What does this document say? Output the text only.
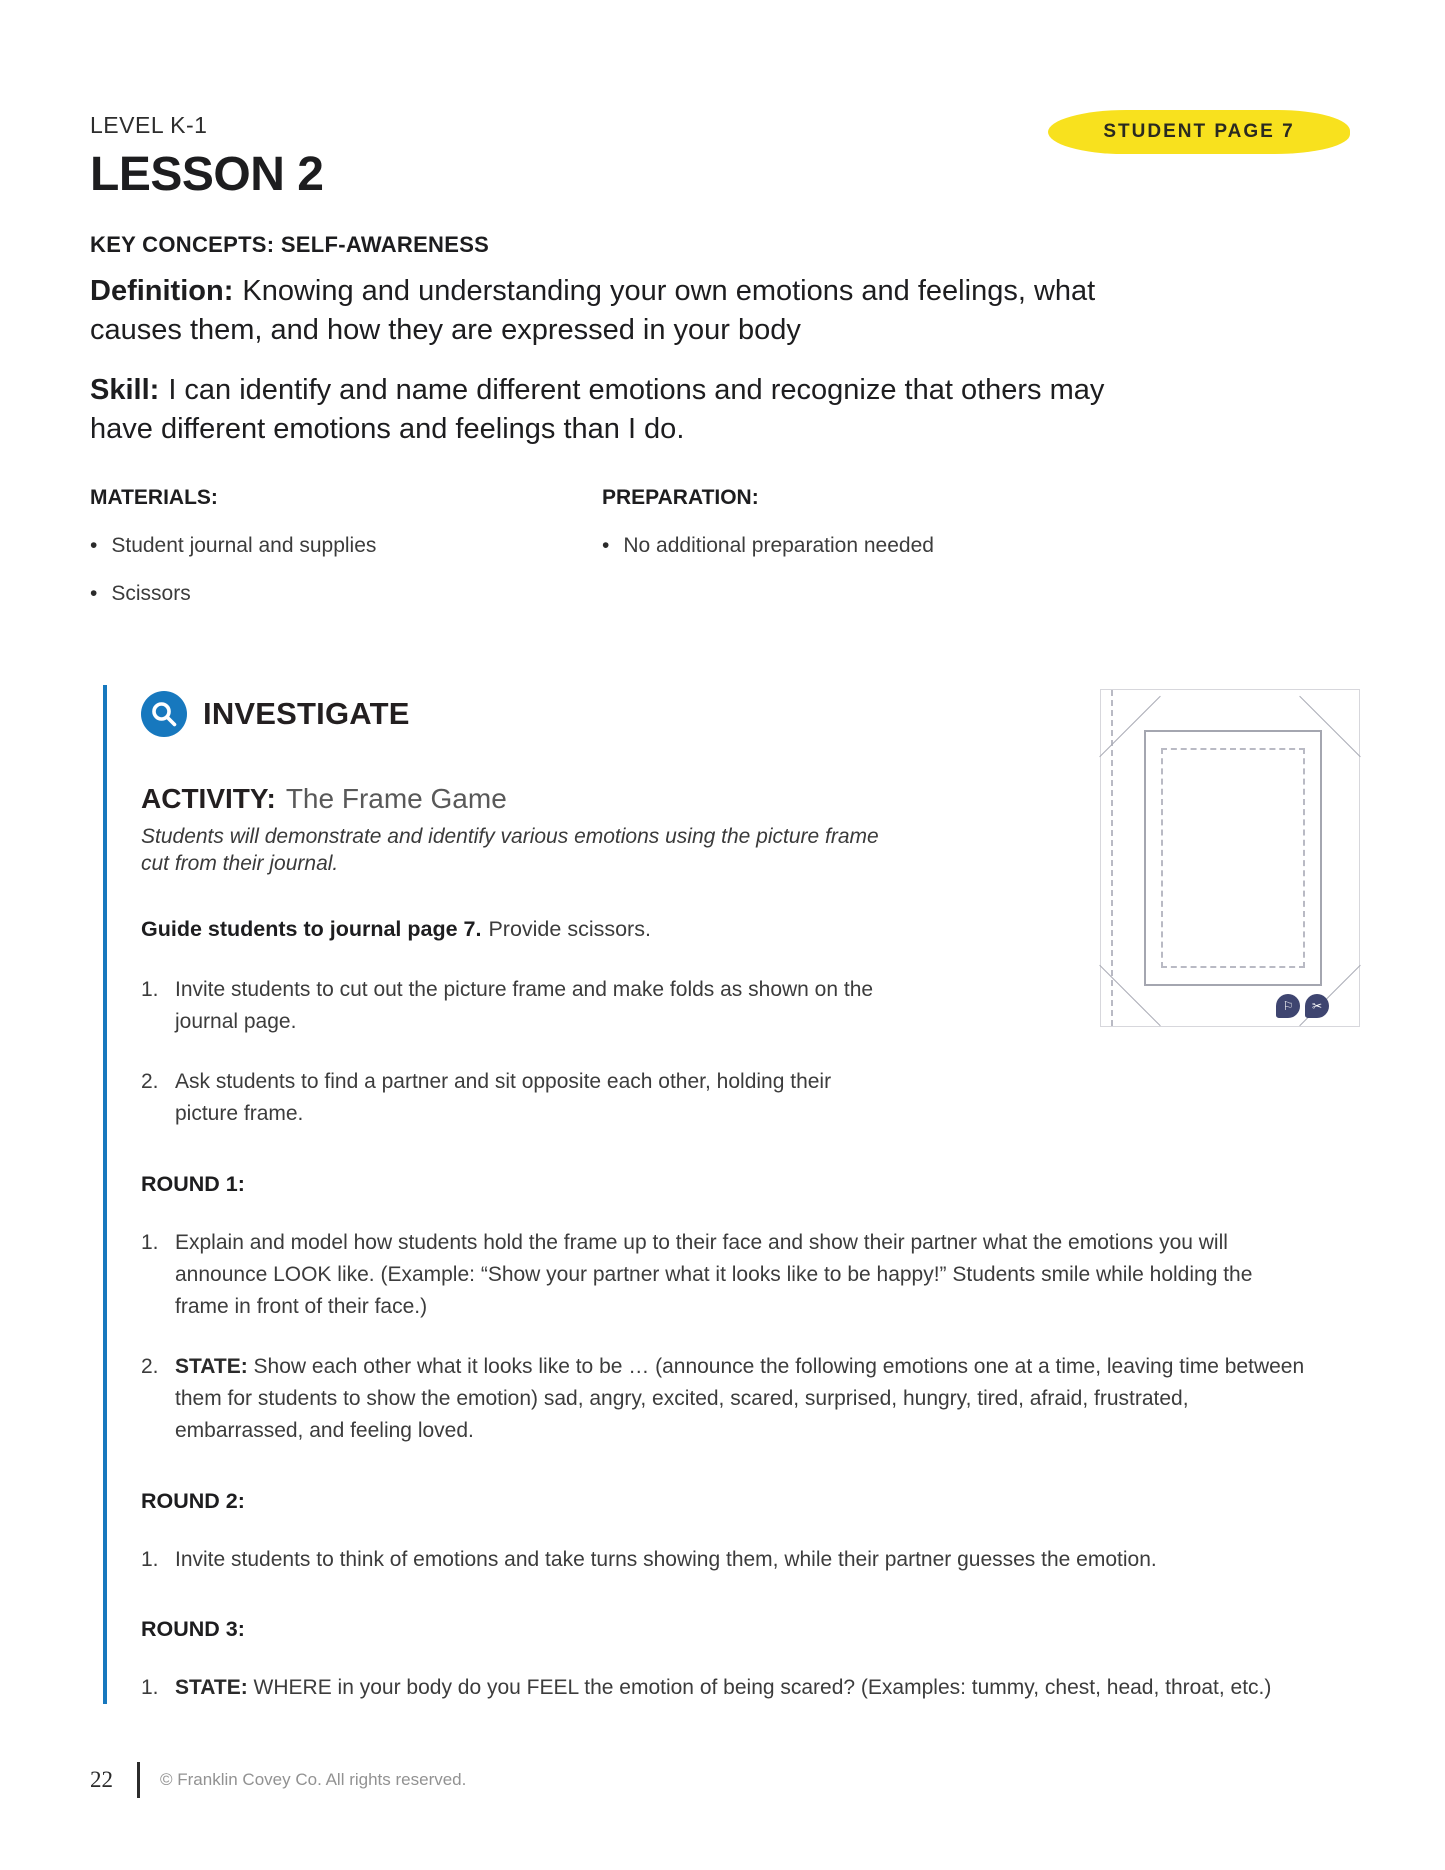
LEVEL K-1	STUDENT PAGE 7
LESSON 2
KEY CONCEPTS: SELF-AWARENESS

Definition: Knowing and understanding your own emotions and feelings, what causes them, and how they are expressed in your body

Skill: I can identify and name different emotions and recognize that others may have different emotions and feelings than I do.

MATERIALS:
• Student journal and supplies
• Scissors
PREPARATION:
• No additional preparation needed
⚐	✂
INVESTIGATE
ACTIVITY: The Frame Game

Students will demonstrate and identify various emotions using the picture frame cut from their journal.

Guide students to journal page 7. Provide scissors.

1. Invite students to cut out the picture frame and make folds as shown on the journal page.
2. Ask students to find a partner and sit opposite each other, holding their picture frame.
ROUND 1:
1. Explain and model how students hold the frame up to their face and show their partner what the emotions you will announce LOOK like. (Example: “Show your partner what it looks like to be happy!” Students smile while holding the frame in front of their face.)
2. STATE: Show each other what it looks like to be … (announce the following emotions one at a time, leaving time between them for students to show the emotion) sad, angry, excited, scared, surprised, hungry, tired, afraid, frustrated, embarrassed, and feeling loved.
ROUND 2:
1. Invite students to think of emotions and take turns showing them, while their partner guesses the emotion.
ROUND 3:
1. STATE: WHERE in your body do you FEEL the emotion of being scared? (Examples: tummy, chest, head, throat, etc.)
22	© Franklin Covey Co. All rights reserved.
